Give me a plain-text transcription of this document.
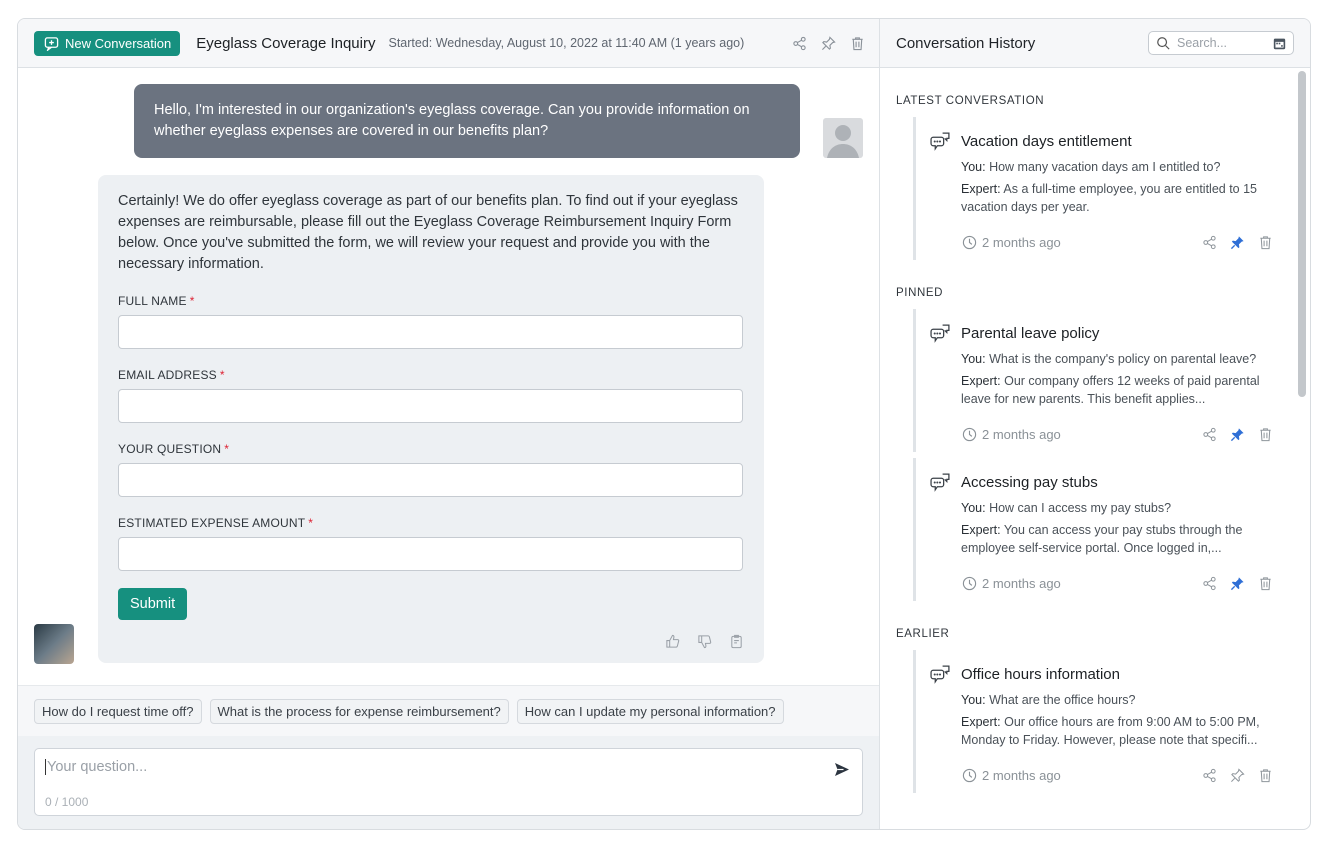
New Conversation Eyeglass Coverage Inquiry Started: Wednesday, August 10, 2022 at 11:40 AM (1 years ago)
Hello, I'm interested in our organization's eyeglass coverage. Can you provide information on whether eyeglass expenses are covered in our benefits plan?
Certainly! We do offer eyeglass coverage as part of our benefits plan. To find out if your eyeglass expenses are reimbursable, please fill out the Eyeglass Coverage Reimbursement Inquiry Form below. Once you've submitted the form, we will review your request and provide you with the necessary information.
FULL NAME *
EMAIL ADDRESS *
YOUR QUESTION *
ESTIMATED EXPENSE AMOUNT *
Submit
How do I request time off?	What is the process for expense reimbursement?	How can I update my personal information?
Your question...
0 / 1000
Conversation History	Search...
LATEST CONVERSATION
Vacation days entitlement

You: How many vacation days am I entitled to?

Expert: As a full-time employee, you are entitled to 15 vacation days per year.

2 months ago
PINNED
Parental leave policy

You: What is the company's policy on parental leave?

Expert: Our company offers 12 weeks of paid parental leave for new parents. This benefit applies...

2 months ago
Accessing pay stubs

You: How can I access my pay stubs?

Expert: You can access your pay stubs through the employee self-service portal. Once logged in,...

2 months ago
EARLIER
Office hours information

You: What are the office hours?

Expert: Our office hours are from 9:00 AM to 5:00 PM, Monday to Friday. However, please note that specifi...

2 months ago
